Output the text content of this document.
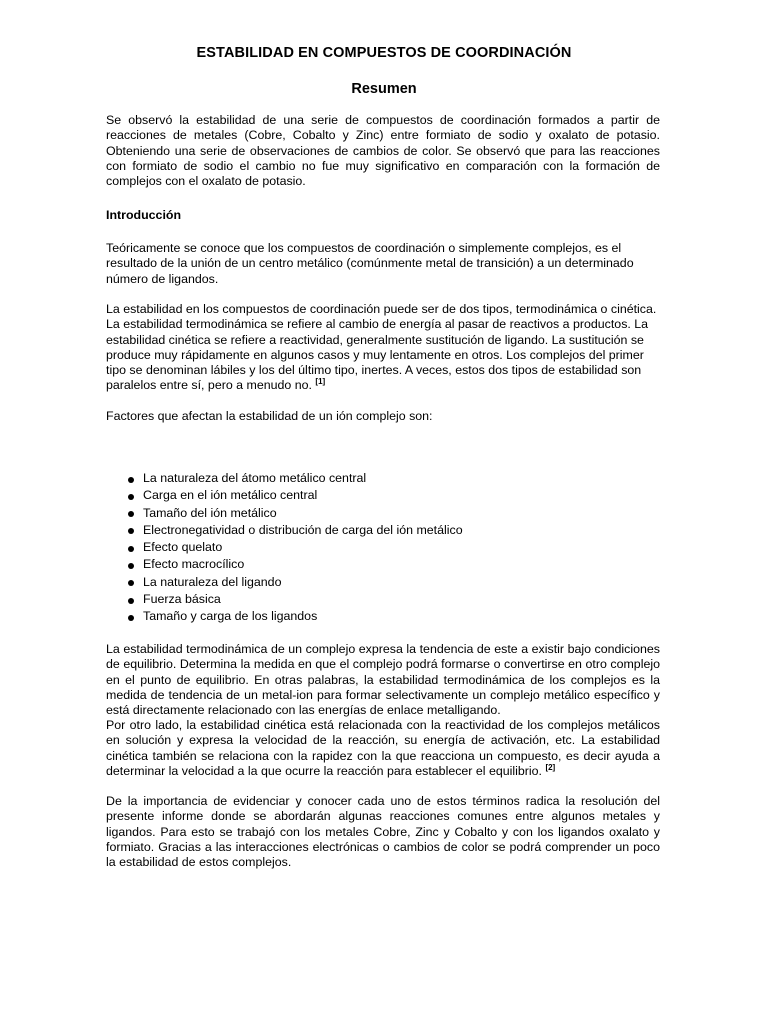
ESTABILIDAD EN COMPUESTOS DE COORDINACIÓN
Resumen

Se observó la estabilidad de una serie de compuestos de coordinación formados a partir de reacciones de metales (Cobre, Cobalto y Zinc) entre formiato de sodio y oxalato de potasio. Obteniendo una serie de observaciones de cambios de color. Se observó que para las reacciones con formiato de sodio el cambio no fue muy significativo en comparación con la formación de complejos con el oxalato de potasio.

Introducción

Teóricamente se conoce que los compuestos de coordinación o simplemente complejos, es el resultado de la unión de un centro metálico (comúnmente metal de transición) a un determinado número de ligandos.

La estabilidad en los compuestos de coordinación puede ser de dos tipos, termodinámica o cinética. La estabilidad termodinámica se refiere al cambio de energía al pasar de reactivos a productos. La estabilidad cinética se refiere a reactividad, generalmente sustitución de ligando. La sustitución se produce muy rápidamente en algunos casos y muy lentamente en otros. Los complejos del primer tipo se denominan lábiles y los del último tipo, inertes. A veces, estos dos tipos de estabilidad son paralelos entre sí, pero a menudo no. [1]

Factores que afectan la estabilidad de un ión complejo son:

La naturaleza del átomo metálico central
Carga en el ión metálico central
Tamaño del ión metálico
Electronegatividad o distribución de carga del ión metálico
Efecto quelato
Efecto macrocílico
La naturaleza del ligando
Fuerza básica
Tamaño y carga de los ligandos

La estabilidad termodinámica de un complejo expresa la tendencia de este a existir bajo condiciones de equilibrio. Determina la medida en que el complejo podrá formarse o convertirse en otro complejo en el punto de equilibrio. En otras palabras, la estabilidad termodinámica de los complejos es la medida de tendencia de un metal-ion para formar selectivamente un complejo metálico específico y está directamente relacionado con las energías de enlace metalligando.

Por otro lado, la estabilidad cinética está relacionada con la reactividad de los complejos metálicos en solución y expresa la velocidad de la reacción, su energía de activación, etc. La estabilidad cinética también se relaciona con la rapidez con la que reacciona un compuesto, es decir ayuda a determinar la velocidad a la que ocurre la reacción para establecer el equilibrio. [2]

De la importancia de evidenciar y conocer cada uno de estos términos radica la resolución del presente informe donde se abordarán algunas reacciones comunes entre algunos metales y ligandos. Para esto se trabajó con los metales Cobre, Zinc y Cobalto y con los ligandos oxalato y formiato. Gracias a las interacciones electrónicas o cambios de color se podrá comprender un poco la estabilidad de estos complejos.
